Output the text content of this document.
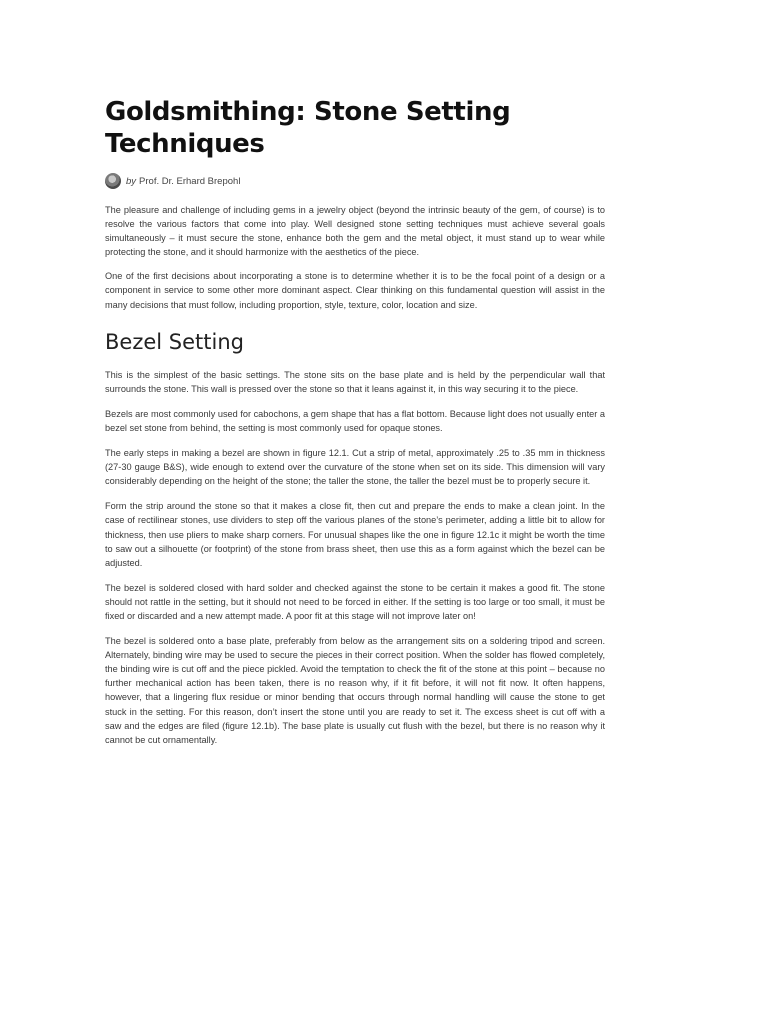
Goldsmithing: Stone Setting Techniques
by Prof. Dr. Erhard Brepohl

The pleasure and challenge of including gems in a jewelry object (beyond the intrinsic beauty of the gem, of course) is to resolve the various factors that come into play. Well designed stone setting techniques must achieve several goals simultaneously – it must secure the stone, enhance both the gem and the metal object, it must stand up to wear while protecting the stone, and it should harmonize with the aesthetics of the piece.

One of the first decisions about incorporating a stone is to determine whether it is to be the focal point of a design or a component in service to some other more dominant aspect. Clear thinking on this fundamental question will assist in the many decisions that must follow, including proportion, style, texture, color, location and size.

Bezel Setting

This is the simplest of the basic settings. The stone sits on the base plate and is held by the perpendicular wall that surrounds the stone. This wall is pressed over the stone so that it leans against it, in this way securing it to the piece.

Bezels are most commonly used for cabochons, a gem shape that has a flat bottom. Because light does not usually enter a bezel set stone from behind, the setting is most commonly used for opaque stones.

The early steps in making a bezel are shown in figure 12.1. Cut a strip of metal, approximately .25 to .35 mm in thickness (27-30 gauge B&S), wide enough to extend over the curvature of the stone when set on its side. This dimension will vary considerably depending on the height of the stone; the taller the stone, the taller the bezel must be to properly secure it.

Form the strip around the stone so that it makes a close fit, then cut and prepare the ends to make a clean joint. In the case of rectilinear stones, use dividers to step off the various planes of the stone’s perimeter, adding a little bit to allow for thickness, then use pliers to make sharp corners. For unusual shapes like the one in figure 12.1c it might be worth the time to saw out a silhouette (or footprint) of the stone from brass sheet, then use this as a form against which the bezel can be adjusted.

The bezel is soldered closed with hard solder and checked against the stone to be certain it makes a good fit. The stone should not rattle in the setting, but it should not need to be forced in either. If the setting is too large or too small, it must be fixed or discarded and a new attempt made. A poor fit at this stage will not improve later on!

The bezel is soldered onto a base plate, preferably from below as the arrangement sits on a soldering tripod and screen. Alternately, binding wire may be used to secure the pieces in their correct position. When the solder has flowed completely, the binding wire is cut off and the piece pickled. Avoid the temptation to check the fit of the stone at this point – because no further mechanical action has been taken, there is no reason why, if it fit before, it will not fit now. It often happens, however, that a lingering flux residue or minor bending that occurs through normal handling will cause the stone to get stuck in the setting. For this reason, don’t insert the stone until you are ready to set it. The excess sheet is cut off with a saw and the edges are filed (figure 12.1b). The base plate is usually cut flush with the bezel, but there is no reason why it cannot be cut ornamentally.
